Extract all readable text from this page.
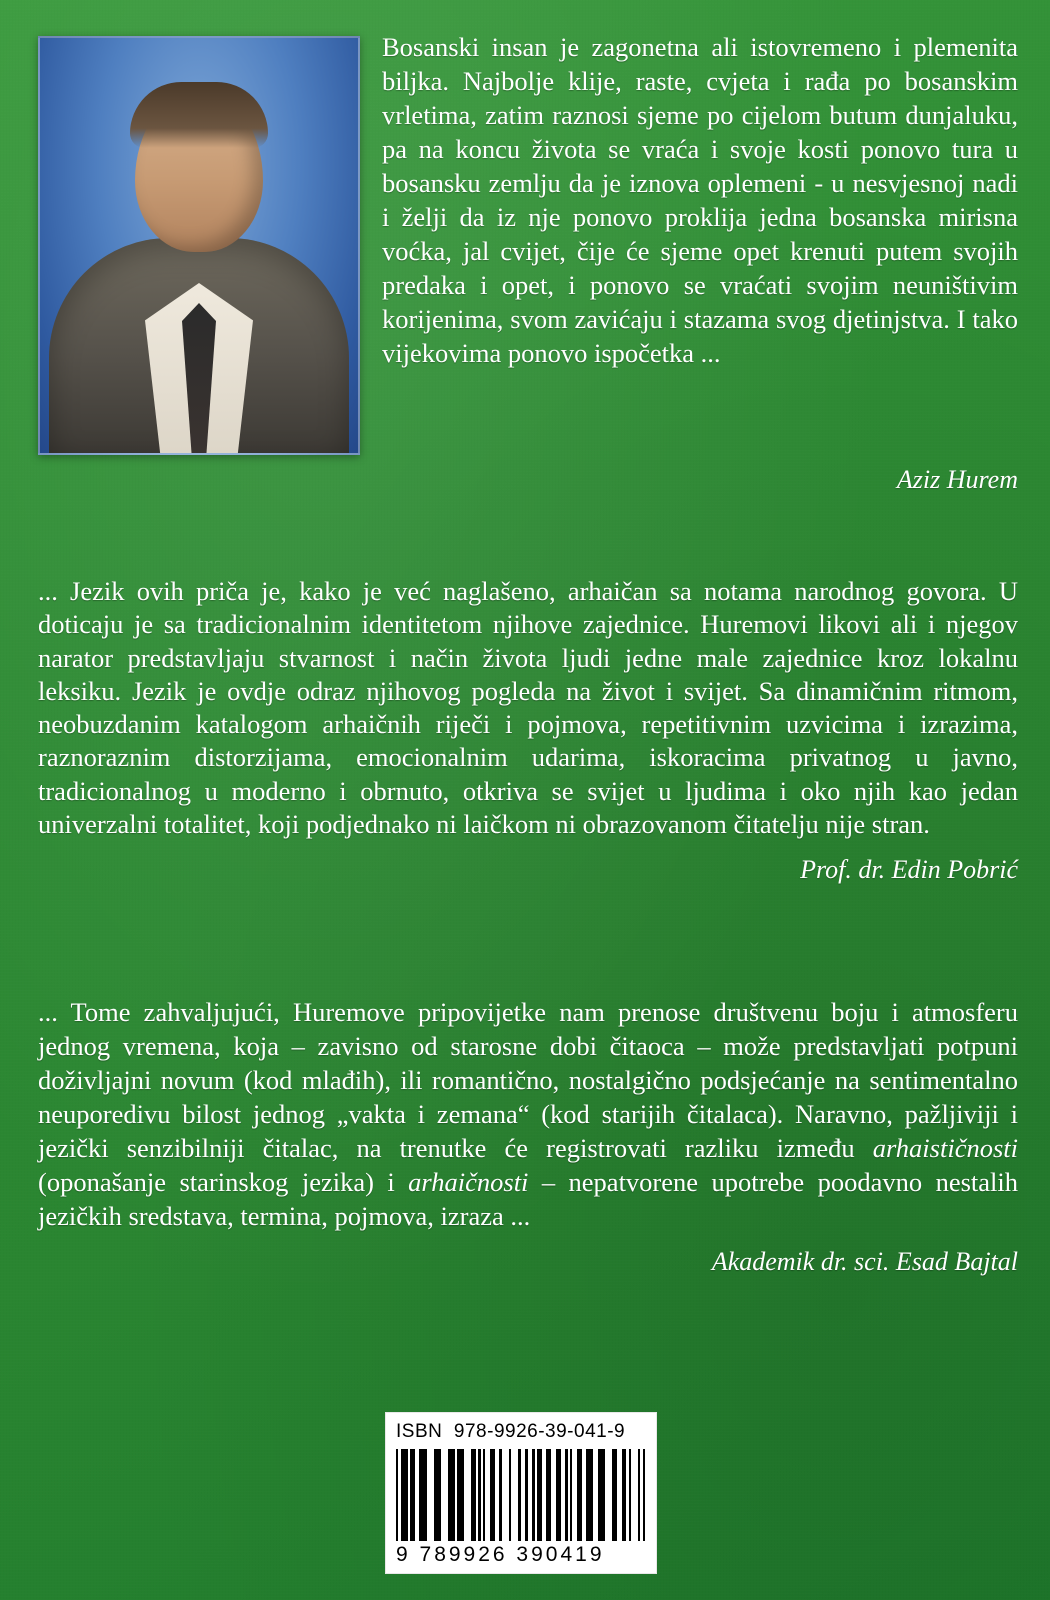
Bosanski insan je zagonetna ali istovremeno i plemenita biljka. Najbolje klije, raste, cvjeta i rađa po bosanskim vrletima, zatim raznosi sjeme po cijelom butum dunjaluku, pa na koncu života se vraća i svoje kosti ponovo tura u bosansku zemlju da je iznova oplemeni - u nesvjesnoj nadi i želji da iz nje ponovo proklija jedna bosanska mirisna voćka, jal cvijet, čije će sjeme opet krenuti putem svojih predaka i opet, i ponovo se vraćati svojim neuništivim korijenima, svom zavićaju i stazama svog djetinjstva. I tako vijekovima ponovo ispočetka ...
Aziz Hurem

... Jezik ovih priča je, kako je već naglašeno, arhaičan sa notama narodnog govora. U doticaju je sa tradicionalnim identitetom njihove zajednice. Huremovi likovi ali i njegov narator predstavljaju stvarnost i način života ljudi jedne male zajednice kroz lokalnu leksiku. Jezik je ovdje odraz njihovog pogleda na život i svijet. Sa dinamičnim ritmom, neobuzdanim katalogom arhaičnih riječi i pojmova, repetitivnim uzvicima i izrazima, raznoraznim distorzijama, emocionalnim udarima, iskoracima privatnog u javno, tradicionalnog u moderno i obrnuto, otkriva se svijet u ljudima i oko njih kao jedan univerzalni totalitet, koji podjednako ni laičkom ni obrazovanom čitatelju nije stran.

Prof. dr. Edin Pobrić

... Tome zahvaljujući, Huremove pripovijetke nam prenose društvenu boju i atmosferu jednog vremena, koja – zavisno od starosne dobi čitaoca – može predstavljati potpuni doživljajni novum (kod mlađih), ili romantično, nostalgično podsjećanje na sentimentalno neuporedivu bilost jednog „vakta i zemana“ (kod starijih čitalaca). Naravno, pažljiviji i jezički senzibilniji čitalac, na trenutke će registrovati razliku između arhaističnosti (oponašanje starinskog jezika) i arhaičnosti – nepatvorene upotrebe poodavno nestalih jezičkih sredstava, termina, pojmova, izraza ...

Akademik dr. sci. Esad Bajtal
ISBN 978-9926-39-041-9
9 789926 390419
